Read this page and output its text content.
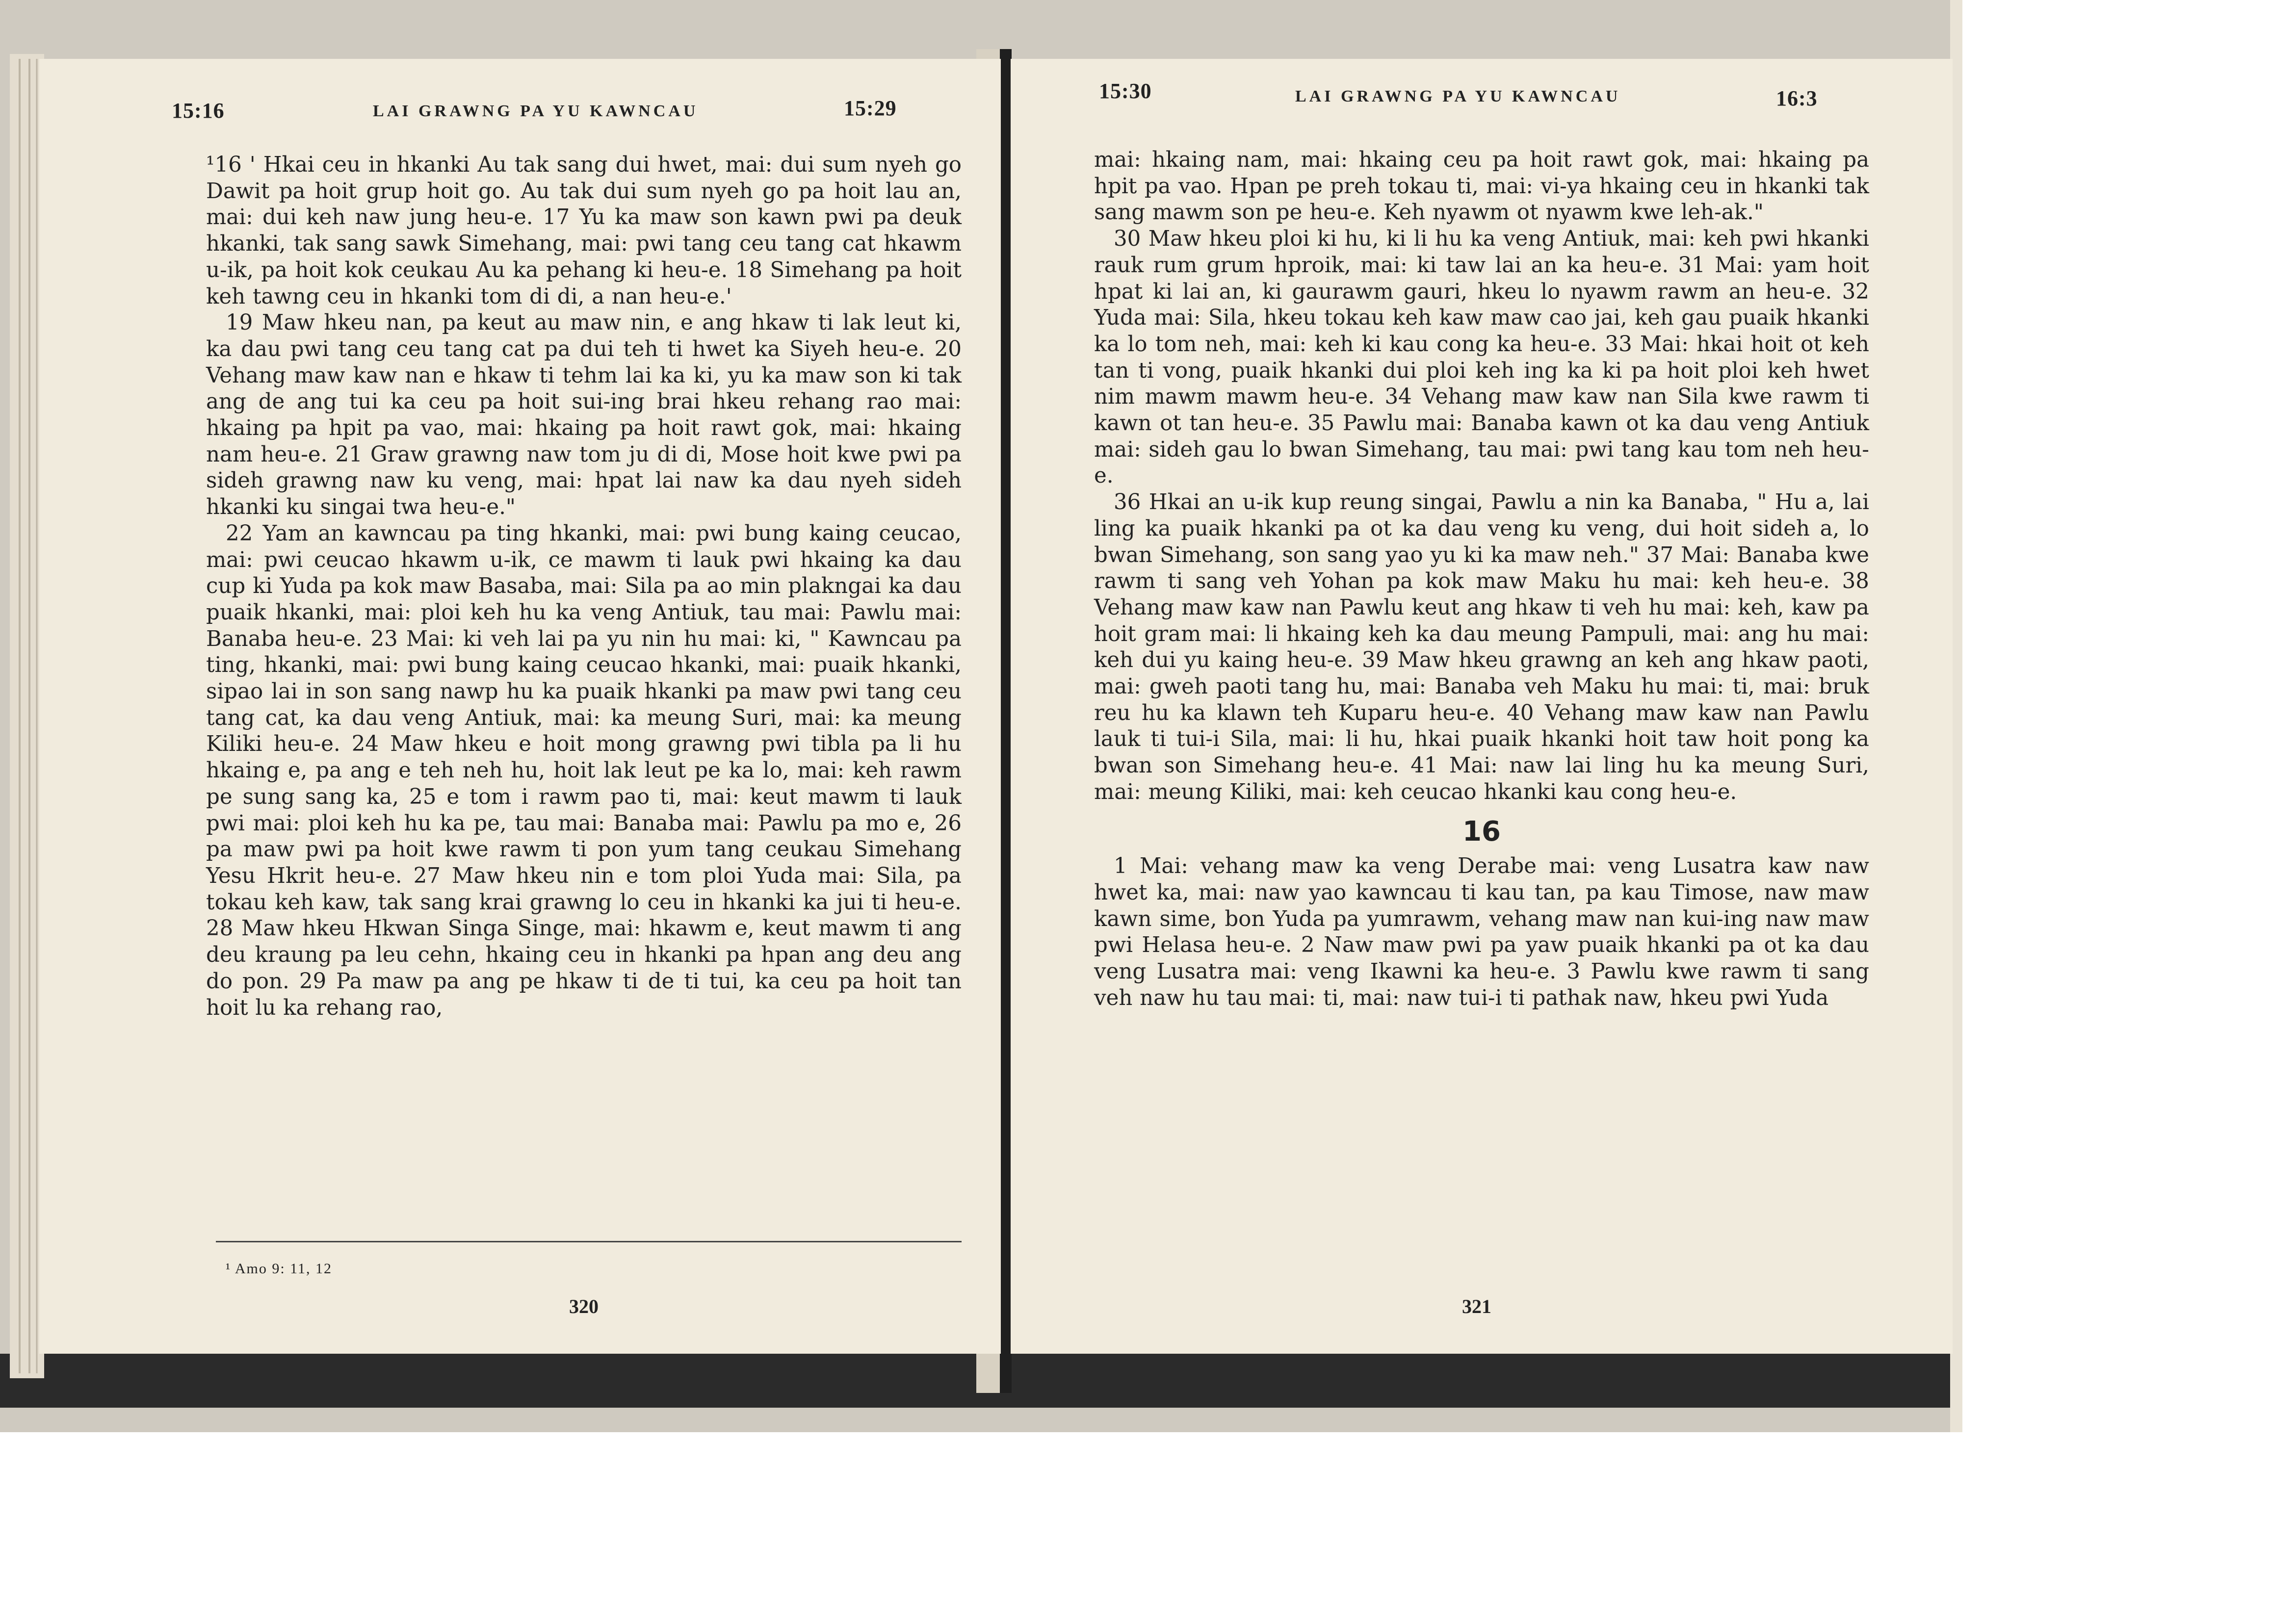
15:16	LAI GRAWNG PA YU KAWNCAU	15:29

¹16 ' Hkai ceu in hkanki Au tak sang dui hwet, mai: dui sum nyeh go Dawit pa hoit grup hoit go. Au tak dui sum nyeh go pa hoit lau an, mai: dui keh naw jung heu-e. 17 Yu ka maw son kawn pwi pa deuk hkanki, tak sang sawk Simehang, mai: pwi tang ceu tang cat hkawm u-ik, pa hoit kok ceukau Au ka pehang ki heu-e. 18 Simehang pa hoit keh tawng ceu in hkanki tom di di, a nan heu-e.'

19 Maw hkeu nan, pa keut au maw nin, e ang hkaw ti lak leut ki, ka dau pwi tang ceu tang cat pa dui teh ti hwet ka Siyeh heu-e. 20 Vehang maw kaw nan e hkaw ti tehm lai ka ki, yu ka maw son ki tak ang de ang tui ka ceu pa hoit sui-ing brai hkeu rehang rao mai: hkaing pa hpit pa vao, mai: hkaing pa hoit rawt gok, mai: hkaing nam heu-e. 21 Graw grawng naw tom ju di di, Mose hoit kwe pwi pa sideh grawng naw ku veng, mai: hpat lai naw ka dau nyeh sideh hkanki ku singai twa heu-e."

22 Yam an kawncau pa ting hkanki, mai: pwi bung kaing ceucao, mai: pwi ceucao hkawm u-ik, ce mawm ti lauk pwi hkaing ka dau cup ki Yuda pa kok maw Basaba, mai: Sila pa ao min plakngai ka dau puaik hkanki, mai: ploi keh hu ka veng Antiuk, tau mai: Pawlu mai: Banaba heu-e. 23 Mai: ki veh lai pa yu nin hu mai: ki, " Kawncau pa ting, hkanki, mai: pwi bung kaing ceucao hkanki, mai: puaik hkanki, sipao lai in son sang nawp hu ka puaik hkanki pa maw pwi tang ceu tang cat, ka dau veng Antiuk, mai: ka meung Suri, mai: ka meung Kiliki heu-e. 24 Maw hkeu e hoit mong grawng pwi tibla pa li hu hkaing e, pa ang e teh neh hu, hoit lak leut pe ka lo, mai: keh rawm pe sung sang ka, 25 e tom i rawm pao ti, mai: keut mawm ti lauk pwi mai: ploi keh hu ka pe, tau mai: Banaba mai: Pawlu pa mo e, 26 pa maw pwi pa hoit kwe rawm ti pon yum tang ceukau Simehang Yesu Hkrit heu-e. 27 Maw hkeu nin e tom ploi Yuda mai: Sila, pa tokau keh kaw, tak sang krai grawng lo ceu in hkanki ka jui ti heu-e. 28 Maw hkeu Hkwan Singa Singe, mai: hkawm e, keut mawm ti ang deu kraung pa leu cehn, hkaing ceu in hkanki pa hpan ang deu ang do pon. 29 Pa maw pa ang pe hkaw ti de ti tui, ka ceu pa hoit tan hoit lu ka rehang rao,

¹ Amo 9: 11, 12
320
15:30	LAI GRAWNG PA YU KAWNCAU	16:3

mai: hkaing nam, mai: hkaing ceu pa hoit rawt gok, mai: hkaing pa hpit pa vao. Hpan pe preh tokau ti, mai: vi-ya hkaing ceu in hkanki tak sang mawm son pe heu-e. Keh nyawm ot nyawm kwe leh-ak."

30 Maw hkeu ploi ki hu, ki li hu ka veng Antiuk, mai: keh pwi hkanki rauk rum grum hproik, mai: ki taw lai an ka heu-e. 31 Mai: yam hoit hpat ki lai an, ki gaurawm gauri, hkeu lo nyawm rawm an heu-e. 32 Yuda mai: Sila, hkeu tokau keh kaw maw cao jai, keh gau puaik hkanki ka lo tom neh, mai: keh ki kau cong ka heu-e. 33 Mai: hkai hoit ot keh tan ti vong, puaik hkanki dui ploi keh ing ka ki pa hoit ploi keh hwet nim mawm mawm heu-e. 34 Vehang maw kaw nan Sila kwe rawm ti kawn ot tan heu-e. 35 Pawlu mai: Banaba kawn ot ka dau veng Antiuk mai: sideh gau lo bwan Simehang, tau mai: pwi tang kau tom neh heu-e.

36 Hkai an u-ik kup reung singai, Pawlu a nin ka Banaba, " Hu a, lai ling ka puaik hkanki pa ot ka dau veng ku veng, dui hoit sideh a, lo bwan Simehang, son sang yao yu ki ka maw neh." 37 Mai: Banaba kwe rawm ti sang veh Yohan pa kok maw Maku hu mai: keh heu-e. 38 Vehang maw kaw nan Pawlu keut ang hkaw ti veh hu mai: keh, kaw pa hoit gram mai: li hkaing keh ka dau meung Pampuli, mai: ang hu mai: keh dui yu kaing heu-e. 39 Maw hkeu grawng an keh ang hkaw paoti, mai: gweh paoti tang hu, mai: Banaba veh Maku hu mai: ti, mai: bruk reu hu ka klawn teh Kuparu heu-e. 40 Vehang maw kaw nan Pawlu lauk ti tui-i Sila, mai: li hu, hkai puaik hkanki hoit taw hoit pong ka bwan son Simehang heu-e. 41 Mai: naw lai ling hu ka meung Suri, mai: meung Kiliki, mai: keh ceucao hkanki kau cong heu-e.

16

1 Mai: vehang maw ka veng Derabe mai: veng Lusatra kaw naw hwet ka, mai: naw yao kawncau ti kau tan, pa kau Timose, naw maw kawn sime, bon Yuda pa yumrawm, vehang maw nan kui-ing naw maw pwi Helasa heu-e. 2 Naw maw pwi pa yaw puaik hkanki pa ot ka dau veng Lusatra mai: veng Ikawni ka heu-e. 3 Pawlu kwe rawm ti sang veh naw hu tau mai: ti, mai: naw tui-i ti pathak naw, hkeu pwi Yuda

321
